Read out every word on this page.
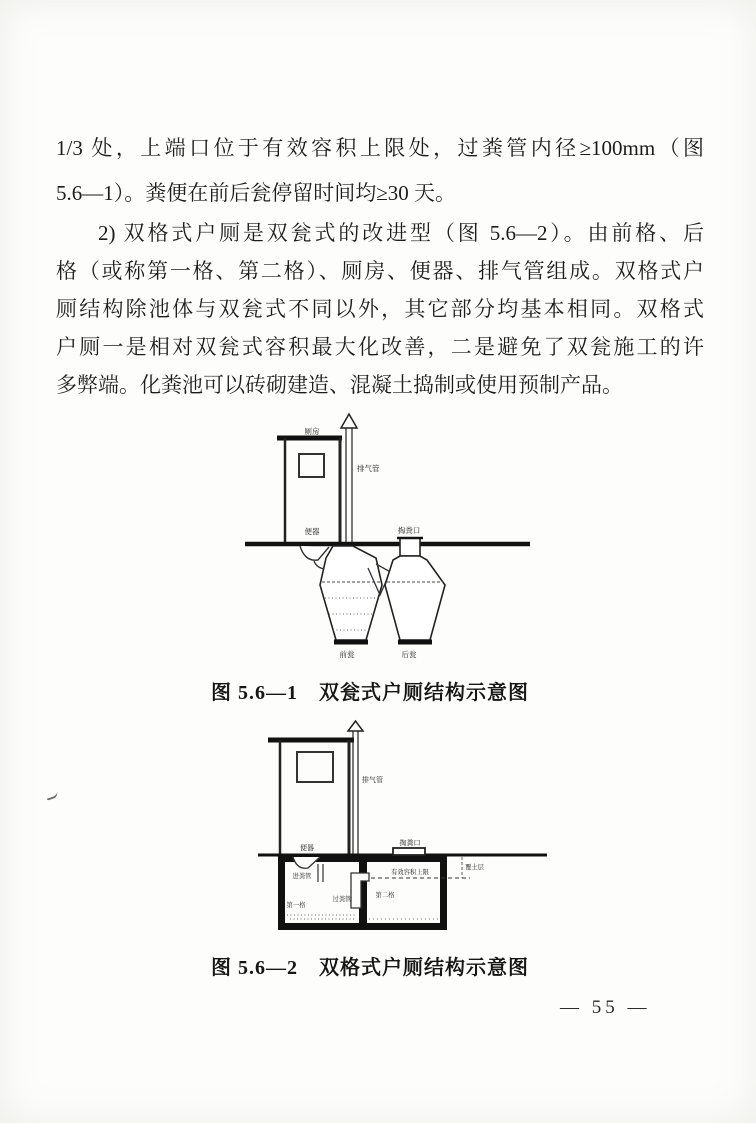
1/3 处，上端口位于有效容积上限处，过粪管内径≥100mm（图
5.6—1）。粪便在前后瓮停留时间均≥30 天。
2) 双格式户厕是双瓮式的改进型（图 5.6—2）。由前格、后
格（或称第一格、第二格）、厕房、便器、排气管组成。双格式户
厕结构除池体与双瓮式不同以外，其它部分均基本相同。双格式
户厕一是相对双瓮式容积最大化改善，二是避免了双瓮施工的许
多弊端。化粪池可以砖砌建造、混凝土捣制或使用预制产品。
厕房
排气管
便器	掏粪口
前瓮	后瓮
图 5.6—1　双瓮式户厕结构示意图
排气管
便器
掏粪口
进粪管
过粪管
有效容积上限
覆土层
第一格
第二格
图 5.6—2　双格式户厕结构示意图
— 55 —
